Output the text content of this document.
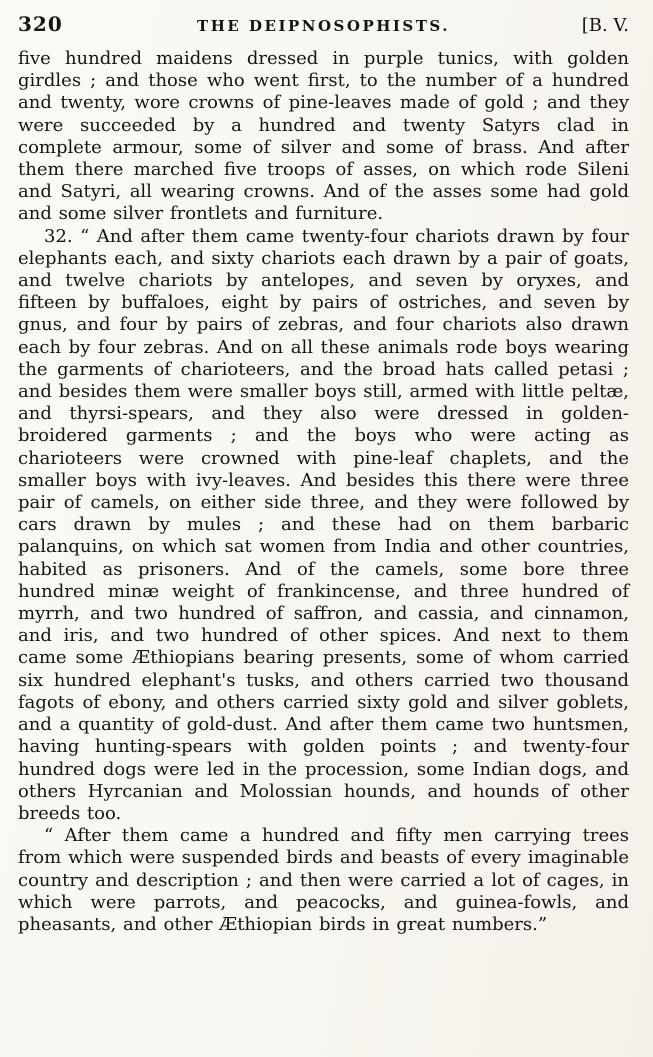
320	THE DEIPNOSOPHISTS.	[B. V.

five hundred maidens dressed in purple tunics, with golden girdles ; and those who went first, to the number of a hundred and twenty, wore crowns of pine-leaves made of gold ; and they were succeeded by a hundred and twenty Satyrs clad in complete armour, some of silver and some of brass. And after them there marched five troops of asses, on which rode Sileni and Satyri, all wearing crowns. And of the asses some had gold and some silver frontlets and furniture.

32. “ And after them came twenty-four chariots drawn by four elephants each, and sixty chariots each drawn by a pair of goats, and twelve chariots by antelopes, and seven by oryxes, and fifteen by buffaloes, eight by pairs of ostriches, and seven by gnus, and four by pairs of zebras, and four chariots also drawn each by four zebras. And on all these animals rode boys wearing the garments of charioteers, and the broad hats called petasi ; and besides them were smaller boys still, armed with little peltæ, and thyrsi-spears, and they also were dressed in golden-broidered garments ; and the boys who were acting as charioteers were crowned with pine-leaf chaplets, and the smaller boys with ivy-leaves. And besides this there were three pair of camels, on either side three, and they were followed by cars drawn by mules ; and these had on them barbaric palanquins, on which sat women from India and other countries, habited as prisoners. And of the camels, some bore three hundred minæ weight of frankincense, and three hundred of myrrh, and two hundred of saffron, and cassia, and cinnamon, and iris, and two hundred of other spices. And next to them came some Æthiopians bearing presents, some of whom carried six hundred elephant's tusks, and others carried two thousand fagots of ebony, and others carried sixty gold and silver goblets, and a quantity of gold-dust. And after them came two huntsmen, having hunting-spears with golden points ; and twenty-four hundred dogs were led in the procession, some Indian dogs, and others Hyrcanian and Molossian hounds, and hounds of other breeds too.

“ After them came a hundred and fifty men carrying trees from which were suspended birds and beasts of every imaginable country and description ; and then were carried a lot of cages, in which were parrots, and peacocks, and guinea-fowls, and pheasants, and other Æthiopian birds in great numbers.”
